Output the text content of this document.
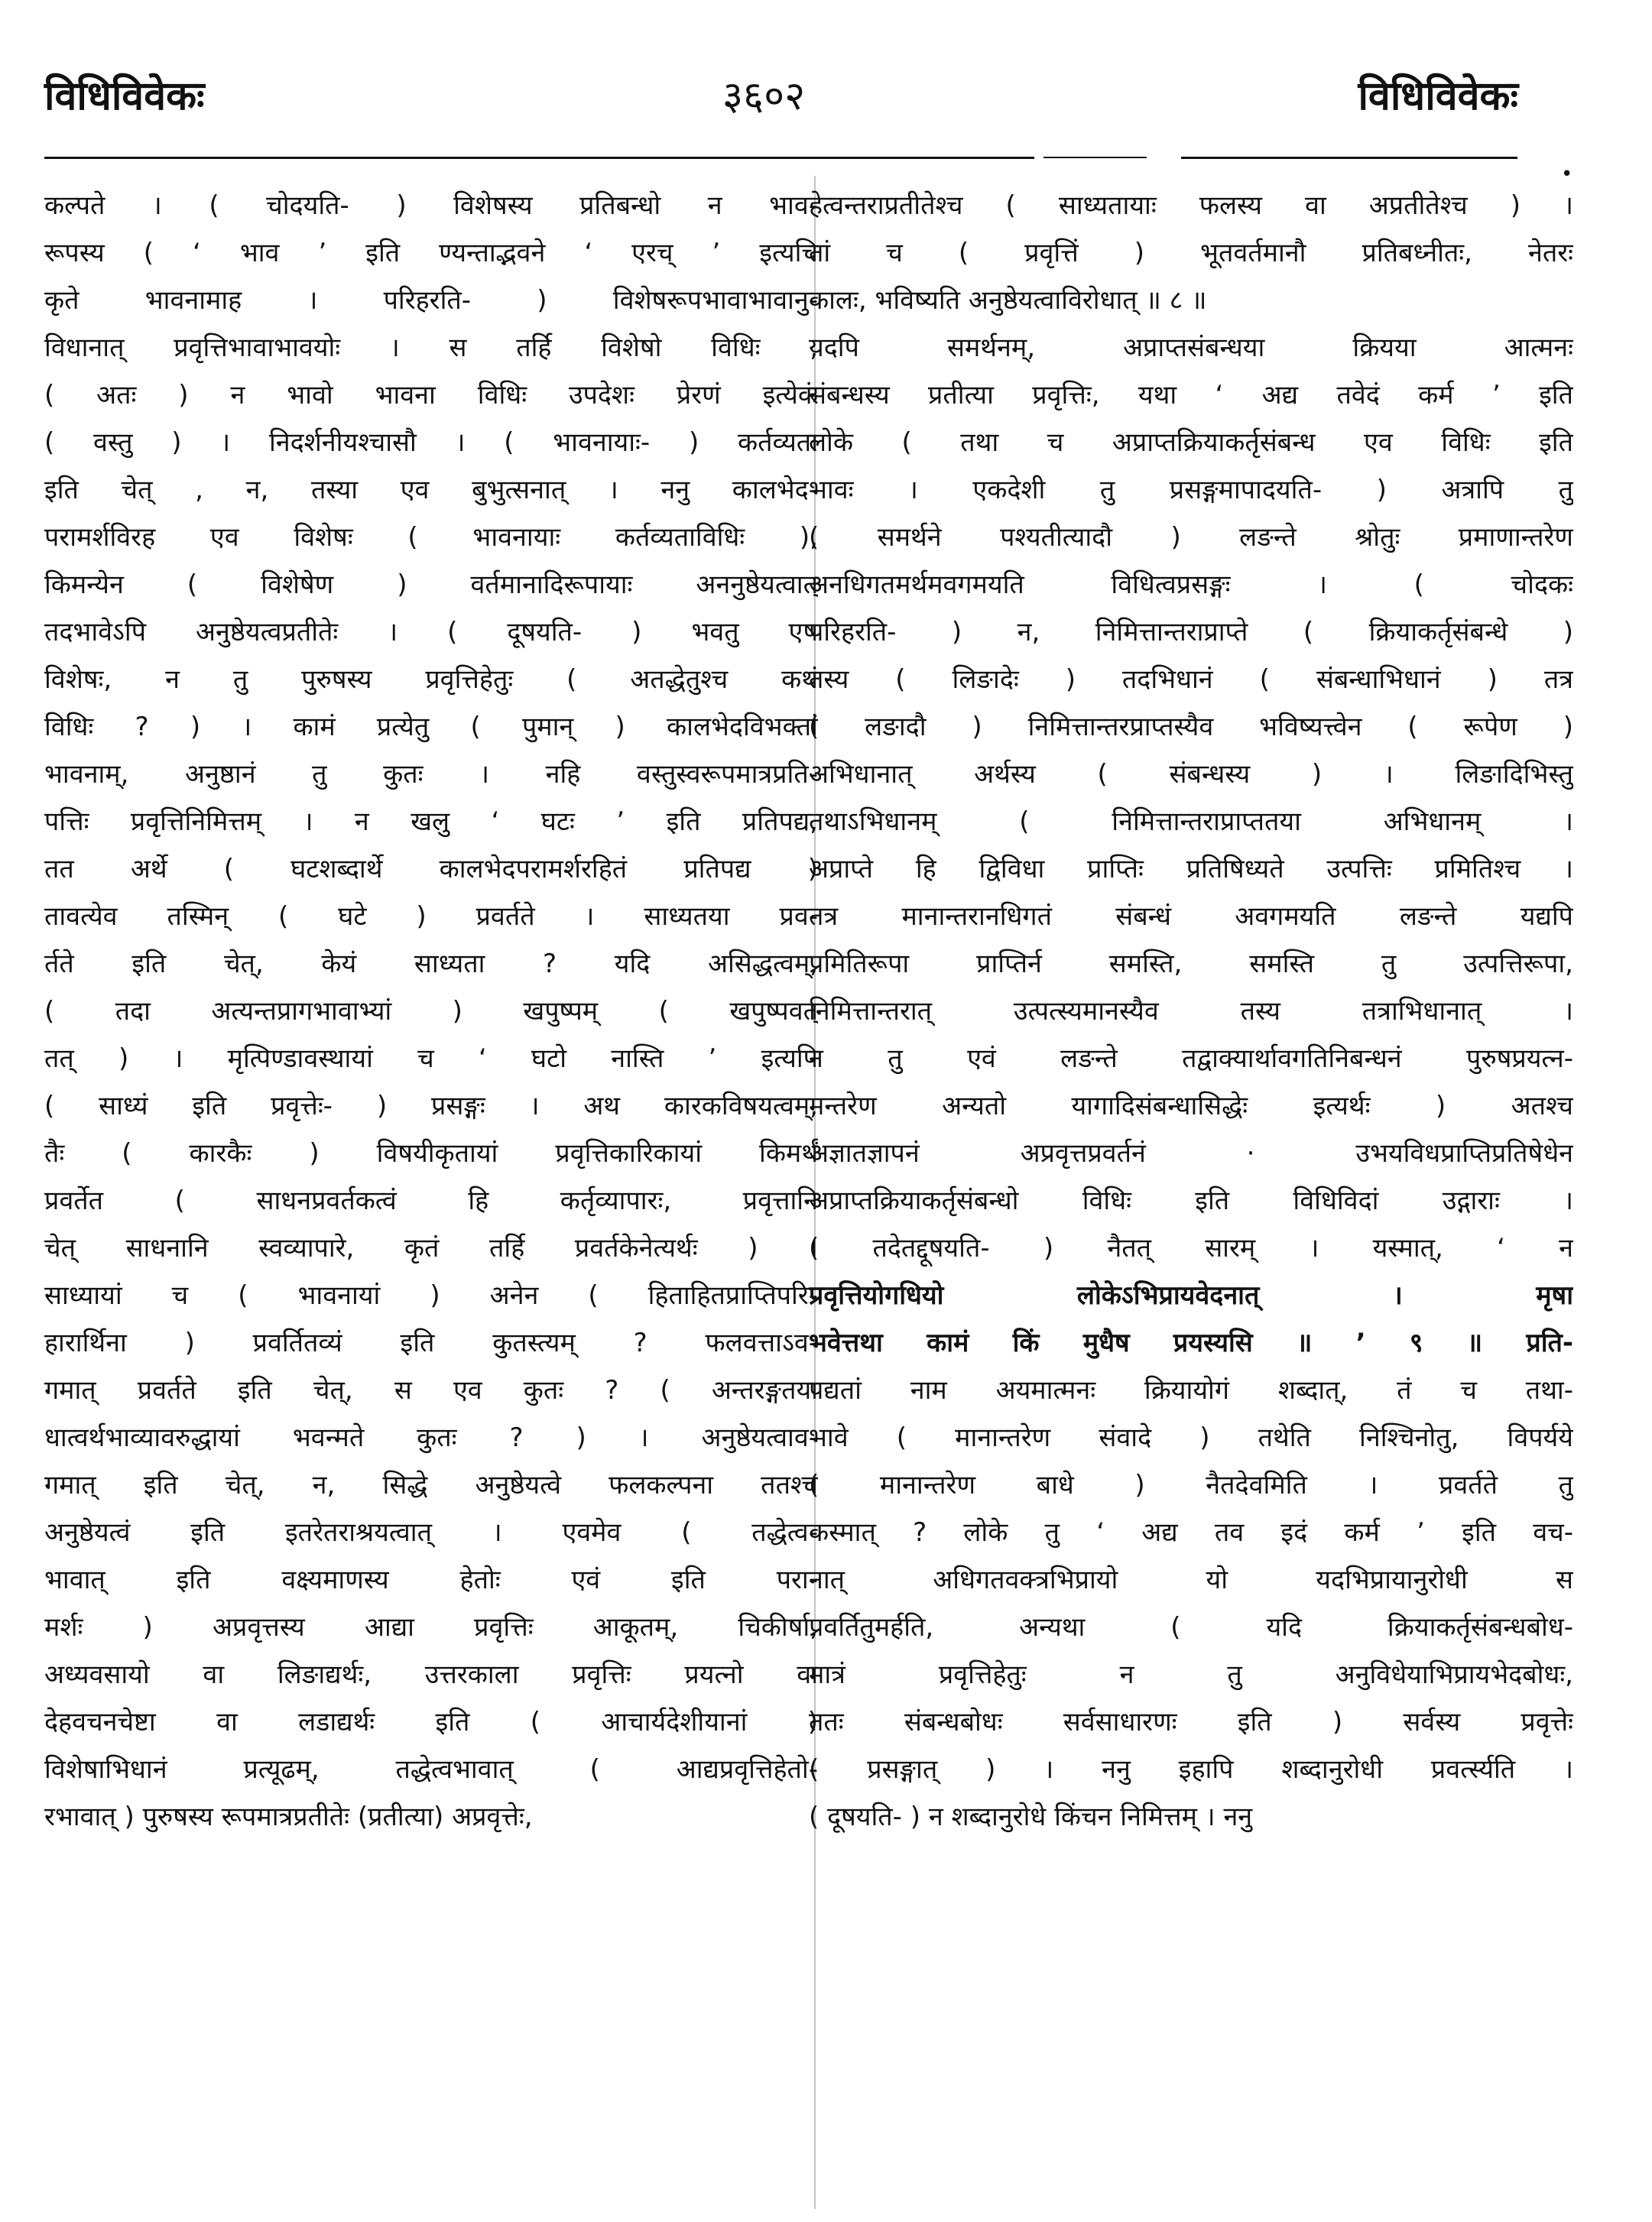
विधिविवेकः	३६०२	विधिविवेकः
•
कल्पते । ( चोदयति- ) विशेषस्य प्रतिबन्धो न भाव-
रूपस्य ( ‘ भाव ’ इति ण्यन्ताद्भवने ‘ एरच् ’ इत्यचि
कृते भावनामाह । परिहरति- ) विशेषरूपभावाभावानु-
विधानात् प्रवृत्तिभावाभावयोः । स तर्हि विशेषो विधिः ,
( अतः ) न भावो भावना विधिः उपदेशः प्रेरणं इत्येकं
( वस्तु ) । निदर्शनीयश्चासौ । ( भावनायाः- ) कर्तव्यता
इति चेत् , न, तस्या एव बुभुत्सनात् । ननु कालभेद-
परामर्शविरह एव विशेषः ( भावनायाः कर्तव्यताविधिः ),
किमन्येन ( विशेषेण ) वर्तमानादिरूपायाः अननुष्ठेयत्वात्
तदभावेऽपि अनुष्ठेयत्वप्रतीतेः । ( दूषयति- ) भवतु एष
विशेषः, न तु पुरुषस्य प्रवृत्तिहेतुः ( अतद्धेतुश्च कथं
विधिः ? ) । कामं प्रत्येतु ( पुमान् ) कालभेदविभक्तां
भावनाम्, अनुष्ठानं तु कुतः । नहि वस्तुस्वरूपमात्रप्रति-
पत्तिः प्रवृत्तिनिमित्तम् । न खलु ‘ घटः ’ इति प्रतिपद्य,
तत अर्थे ( घटशब्दार्थे कालभेदपरामर्शरहितं प्रतिपद्य )
तावत्येव तस्मिन् ( घटे ) प्रवर्तते । साध्यतया प्रव-
र्तते इति चेत्, केयं साध्यता ? यदि असिद्धत्वम्,
( तदा अत्यन्तप्रागभावाभ्यां ) खपुष्पम् ( खपुष्पवत्
तत् ) । मृत्पिण्डावस्थायां च ‘ घटो नास्ति ’ इत्यपि
( साध्यं इति प्रवृत्तेः- ) प्रसङ्गः । अथ कारकविषयत्वम्,
तैः ( कारकैः ) विषयीकृतायां प्रवृत्तिकारिकायां किमर्थं
प्रवर्तेत ( साधनप्रवर्तकत्वं हि कर्तृव्यापारः, प्रवृत्तानि
चेत् साधनानि स्वव्यापारे, कृतं तर्हि प्रवर्तकेनेत्यर्थः ) ।
साध्यायां च ( भावनायां ) अनेन ( हिताहितप्राप्तिपरि-
हारार्थिना ) प्रवर्तितव्यं इति कुतस्त्यम् ? फलवत्ताऽव-
गमात् प्रवर्तते इति चेत्, स एव कुतः ? ( अन्तरङ्गतया
धात्वर्थभाव्यावरुद्धायां भवन्मते कुतः ? ) । अनुष्ठेयत्वाव-
गमात् इति चेत्, न, सिद्धे अनुष्ठेयत्वे फलकल्पना ततश्च
अनुष्ठेयत्वं इति इतरेतराश्रयत्वात् । एवमेव ( तद्धेत्व-
भावात् इति वक्ष्यमाणस्य हेतोः एवं इति परा-
मर्शः ) अप्रवृत्तस्य आद्या प्रवृत्तिः आकूतम्, चिकीर्षा,
अध्यवसायो वा लिङाद्यर्थः, उत्तरकाला प्रवृत्तिः प्रयत्नो वा
देहवचनचेष्टा वा लडाद्यर्थः इति ( आचार्यदेशीयानां )
विशेषाभिधानं प्रत्यूढम्, तद्धेत्वभावात् ( आद्यप्रवृत्तिहेतो-
रभावात् ) पुरुषस्य रूपमात्रप्रतीतेः (प्रतीत्या) अप्रवृत्तेः,
हेत्वन्तराप्रतीतेश्च ( साध्यतायाः फलस्य वा अप्रतीतेश्च ) ।
तां च ( प्रवृत्तिं ) भूतवर्तमानौ प्रतिबध्नीतः, नेतरः
कालः, भविष्यति अनुष्ठेयत्वाविरोधात् ॥ ८ ॥
यदपि समर्थनम्, अप्राप्तसंबन्धया क्रियया आत्मनः
संबन्धस्य प्रतीत्या प्रवृत्तिः, यथा ‘ अद्य तवेदं कर्म ’ इति
लोके ( तथा च अप्राप्तक्रियाकर्तृसंबन्ध एव विधिः इति
भावः । एकदेशी तु प्रसङ्गमापादयति- ) अत्रापि तु
( समर्थने पश्यतीत्यादौ ) लङन्ते श्रोतुः प्रमाणान्तरेण
अनधिगतमर्थमवगमयति विधित्वप्रसङ्गः । ( चोदकः
परिहरति- ) न, निमित्तान्तराप्राप्ते ( क्रियाकर्तृसंबन्धे )
तस्य ( लिङादेः ) तदभिधानं ( संबन्धाभिधानं ) तत्र
( लङादौ ) निमित्तान्तरप्राप्तस्यैव भविष्यत्त्वेन ( रूपेण )
अभिधानात् अर्थस्य ( संबन्धस्य ) । लिङादिभिस्तु
तथाऽभिधानम् ( निमित्तान्तराप्राप्ततया अभिधानम् ।
अप्राप्ते हि द्विविधा प्राप्तिः प्रतिषिध्यते उत्पत्तिः प्रमितिश्च ।
तत्र मानान्तरानधिगतं संबन्धं अवगमयति लङन्ते यद्यपि
प्रमितिरूपा प्राप्तिर्न समस्ति, समस्ति तु उत्पत्तिरूपा,
निमित्तान्तरात् उत्पत्स्यमानस्यैव तस्य तत्राभिधानात् ।
न तु एवं लङन्ते तद्वाक्यार्थावगतिनिबन्धनं पुरुषप्रयत्न-
मन्तरेण अन्यतो यागादिसंबन्धासिद्धेः इत्यर्थः ) अतश्च
अज्ञातज्ञापनं अप्रवृत्तप्रवर्तनं · उभयविधप्राप्तिप्रतिषेधेन
अप्राप्तक्रियाकर्तृसंबन्धो विधिः इति विधिविदां उद्गाराः ।
( तदेतद्दूषयति- ) नैतत् सारम् । यस्मात्, ‘ न
प्रवृत्तियोगधियो लोकेऽभिप्रायवेदनात् । मृषा
भवेत्तथा कामं किं मुधैष प्रयस्यसि ॥ ’ ९ ॥ प्रति-
पद्यतां नाम अयमात्मनः क्रियायोगं शब्दात्, तं च तथा-
भावे ( मानान्तरेण संवादे ) तथेति निश्चिनोतु, विपर्यये
( मानान्तरेण बाधे ) नैतदेवमिति । प्रवर्तते तु
कस्मात् ? लोके तु ‘ अद्य तव इदं कर्म ’ इति वच-
नात् अधिगतवक्त्रभिप्रायो यो यदभिप्रायानुरोधी स
प्रवर्तितुमर्हति, अन्यथा ( यदि क्रियाकर्तृसंबन्धबोध-
मात्रं प्रवृत्तिहेतुः न तु अनुविधेयाभिप्रायभेदबोधः,
ततः संबन्धबोधः सर्वसाधारणः इति ) सर्वस्य प्रवृत्तेः
( प्रसङ्गात् ) । ननु इहापि शब्दानुरोधी प्रवर्त्स्यति ।
( दूषयति- ) न शब्दानुरोधे किंचन निमित्तम् । ननु
